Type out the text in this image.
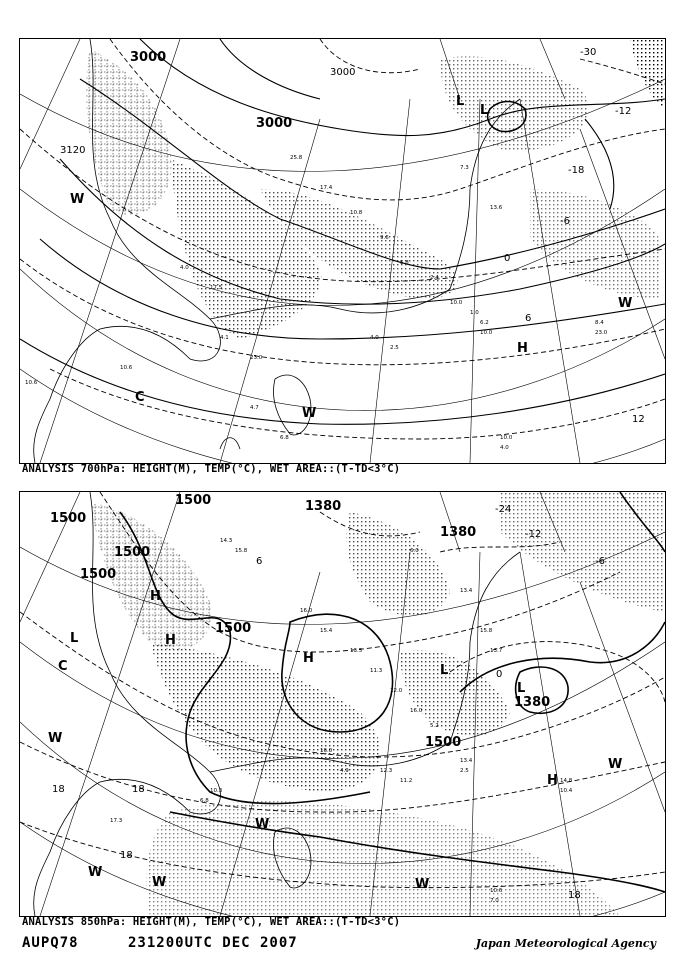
25.8
17.4
10.8
9.6
5.8
2.4
10.0
1.0
7.3
13.6
4.1
23.0
4.0
2.5
6.2
10.0
8.4
23.0
4.0
17.5
10.6
10.6
10.0
4.0
4.7
6.8
3000
3000
3120
3000
-30
-18
-12
-6
0
6
12
L
L
H
C
W
W
W
ANALYSIS 700hPa: HEIGHT(M), TEMP(°C), WET AREA::(T-TD<3°C)
14.3
15.8
16.0
15.4
13.5
11.3
12.0
16.0
5.2
16.0
4.9	12.3
11.2
13.4
2.5
14.8
10.4
10.6
7.0
10.3
6.8
17.3
6.0
13.4
15.8
13.7
1500
1500
1500
1500
1500
1380
1380
1500
1380
-24
-12
-6
0
6
18	18
18
18
H
H
H
L
L
L
H
C
W
W
W
W
W
W
ANALYSIS 850hPa: HEIGHT(M), TEMP(°C), WET AREA::(T-TD<3°C)
AUPQ78	231200UTC DEC 2007	Japan Meteorological Agency
